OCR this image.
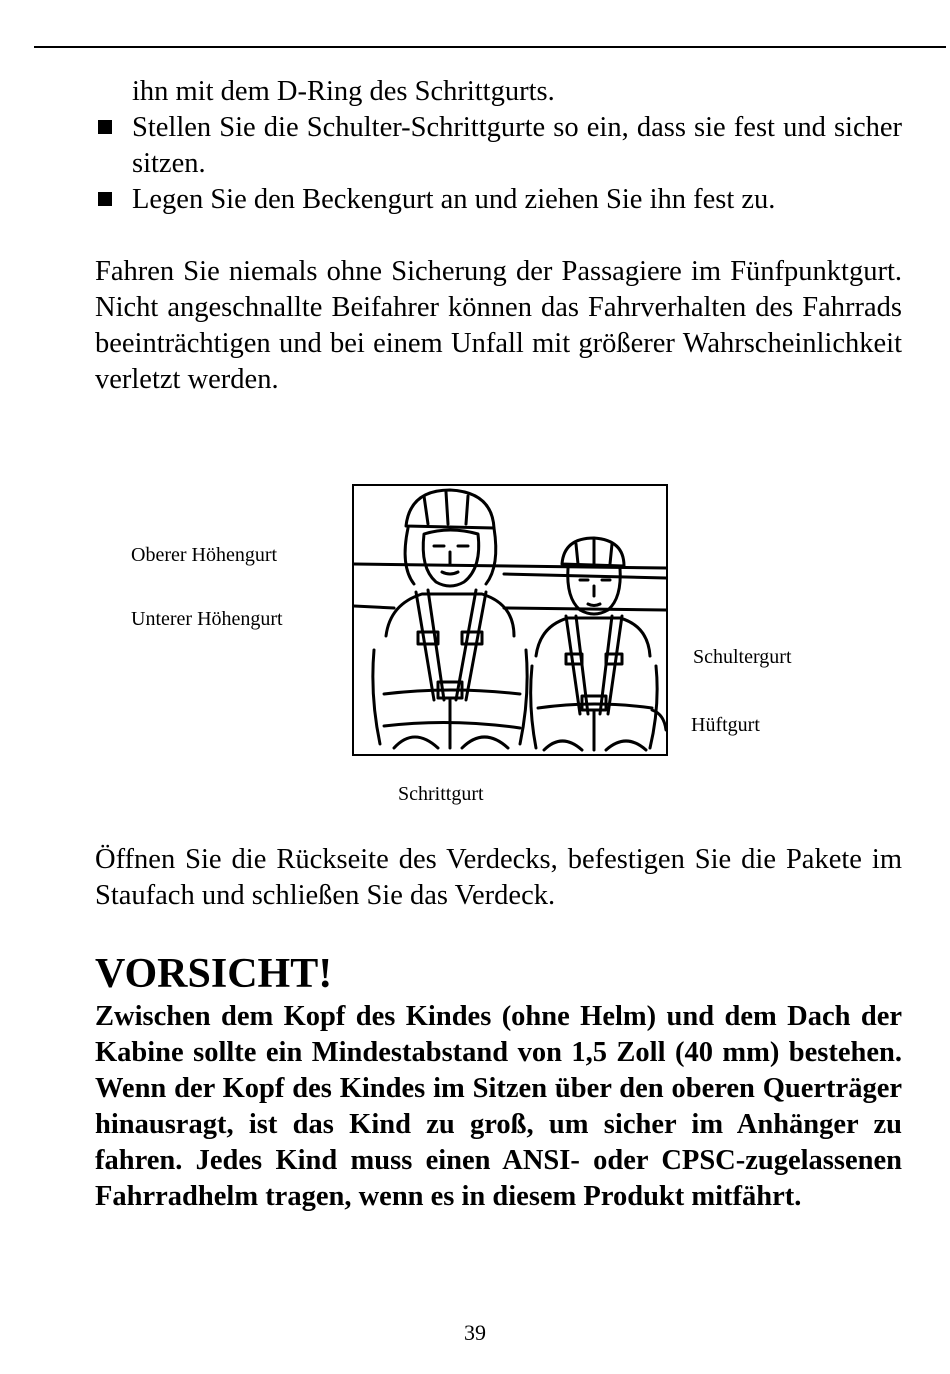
ihn mit dem D-Ring des Schrittgurts.
Stellen Sie die Schulter-Schrittgurte so ein, dass sie fest und sicher sitzen.
Legen Sie den Beckengurt an und ziehen Sie ihn fest zu.

Fahren Sie niemals ohne Sicherung der Passagiere im Fünfpunktgurt. Nicht angeschnallte Beifahrer können das Fahrverhalten des Fahrrads beeinträchtigen und bei einem Unfall mit größerer Wahrscheinlichkeit verletzt werden.

Oberer Höhengurt
Unterer Höhengurt
Schultergurt
Hüftgurt
Schrittgurt

Öffnen Sie die Rückseite des Verdecks, befestigen Sie die Pakete im Staufach und schließen Sie das Verdeck.

VORSICHT!

Zwischen dem Kopf des Kindes (ohne Helm) und dem Dach der Kabine sollte ein Mindestabstand von 1,5 Zoll (40 mm) bestehen. Wenn der Kopf des Kindes im Sitzen über den oberen Querträger hinausragt, ist das Kind zu groß, um sicher im Anhänger zu fahren. Jedes Kind muss einen ANSI- oder CPSC-zugelassenen Fahrradhelm tragen, wenn es in diesem Produkt mitfährt.

39
